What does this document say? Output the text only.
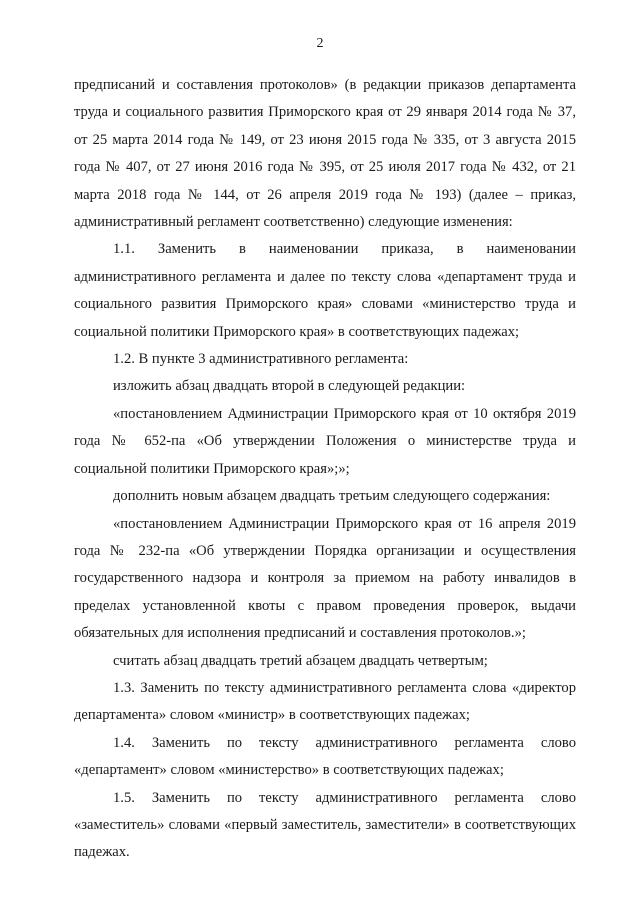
2

предписаний и составления протоколов» (в редакции приказов департамента труда и социального развития Приморского края от 29 января 2014 года № 37, от 25 марта 2014 года № 149, от 23 июня 2015 года № 335, от 3 августа 2015 года № 407, от 27 июня 2016 года № 395, от 25 июля 2017 года № 432, от 21 марта 2018 года № 144, от 26 апреля 2019 года № 193) (далее – приказ, административный регламент соответственно) следующие изменения:

1.1. Заменить в наименовании приказа, в наименовании административного регламента и далее по тексту слова «департамент труда и социального развития Приморского края» словами «министерство труда и социальной политики Приморского края» в соответствующих падежах;

1.2. В пункте 3 административного регламента:

изложить абзац двадцать второй в следующей редакции:

«постановлением Администрации Приморского края от 10 октября 2019 года № 652-па «Об утверждении Положения о министерстве труда и социальной политики Приморского края»;»;

дополнить новым абзацем двадцать третьим следующего содержания:

«постановлением Администрации Приморского края от 16 апреля 2019 года № 232-па «Об утверждении Порядка организации и осуществления государственного надзора и контроля за приемом на работу инвалидов в пределах установленной квоты с правом проведения проверок, выдачи обязательных для исполнения предписаний и составления протоколов.»;

считать абзац двадцать третий абзацем двадцать четвертым;

1.3. Заменить по тексту административного регламента слова «директор департамента» словом «министр» в соответствующих падежах;

1.4. Заменить по тексту административного регламента слово «департамент» словом «министерство» в соответствующих падежах;

1.5. Заменить по тексту административного регламента слово «заместитель» словами «первый заместитель, заместители» в соответствующих падежах.
